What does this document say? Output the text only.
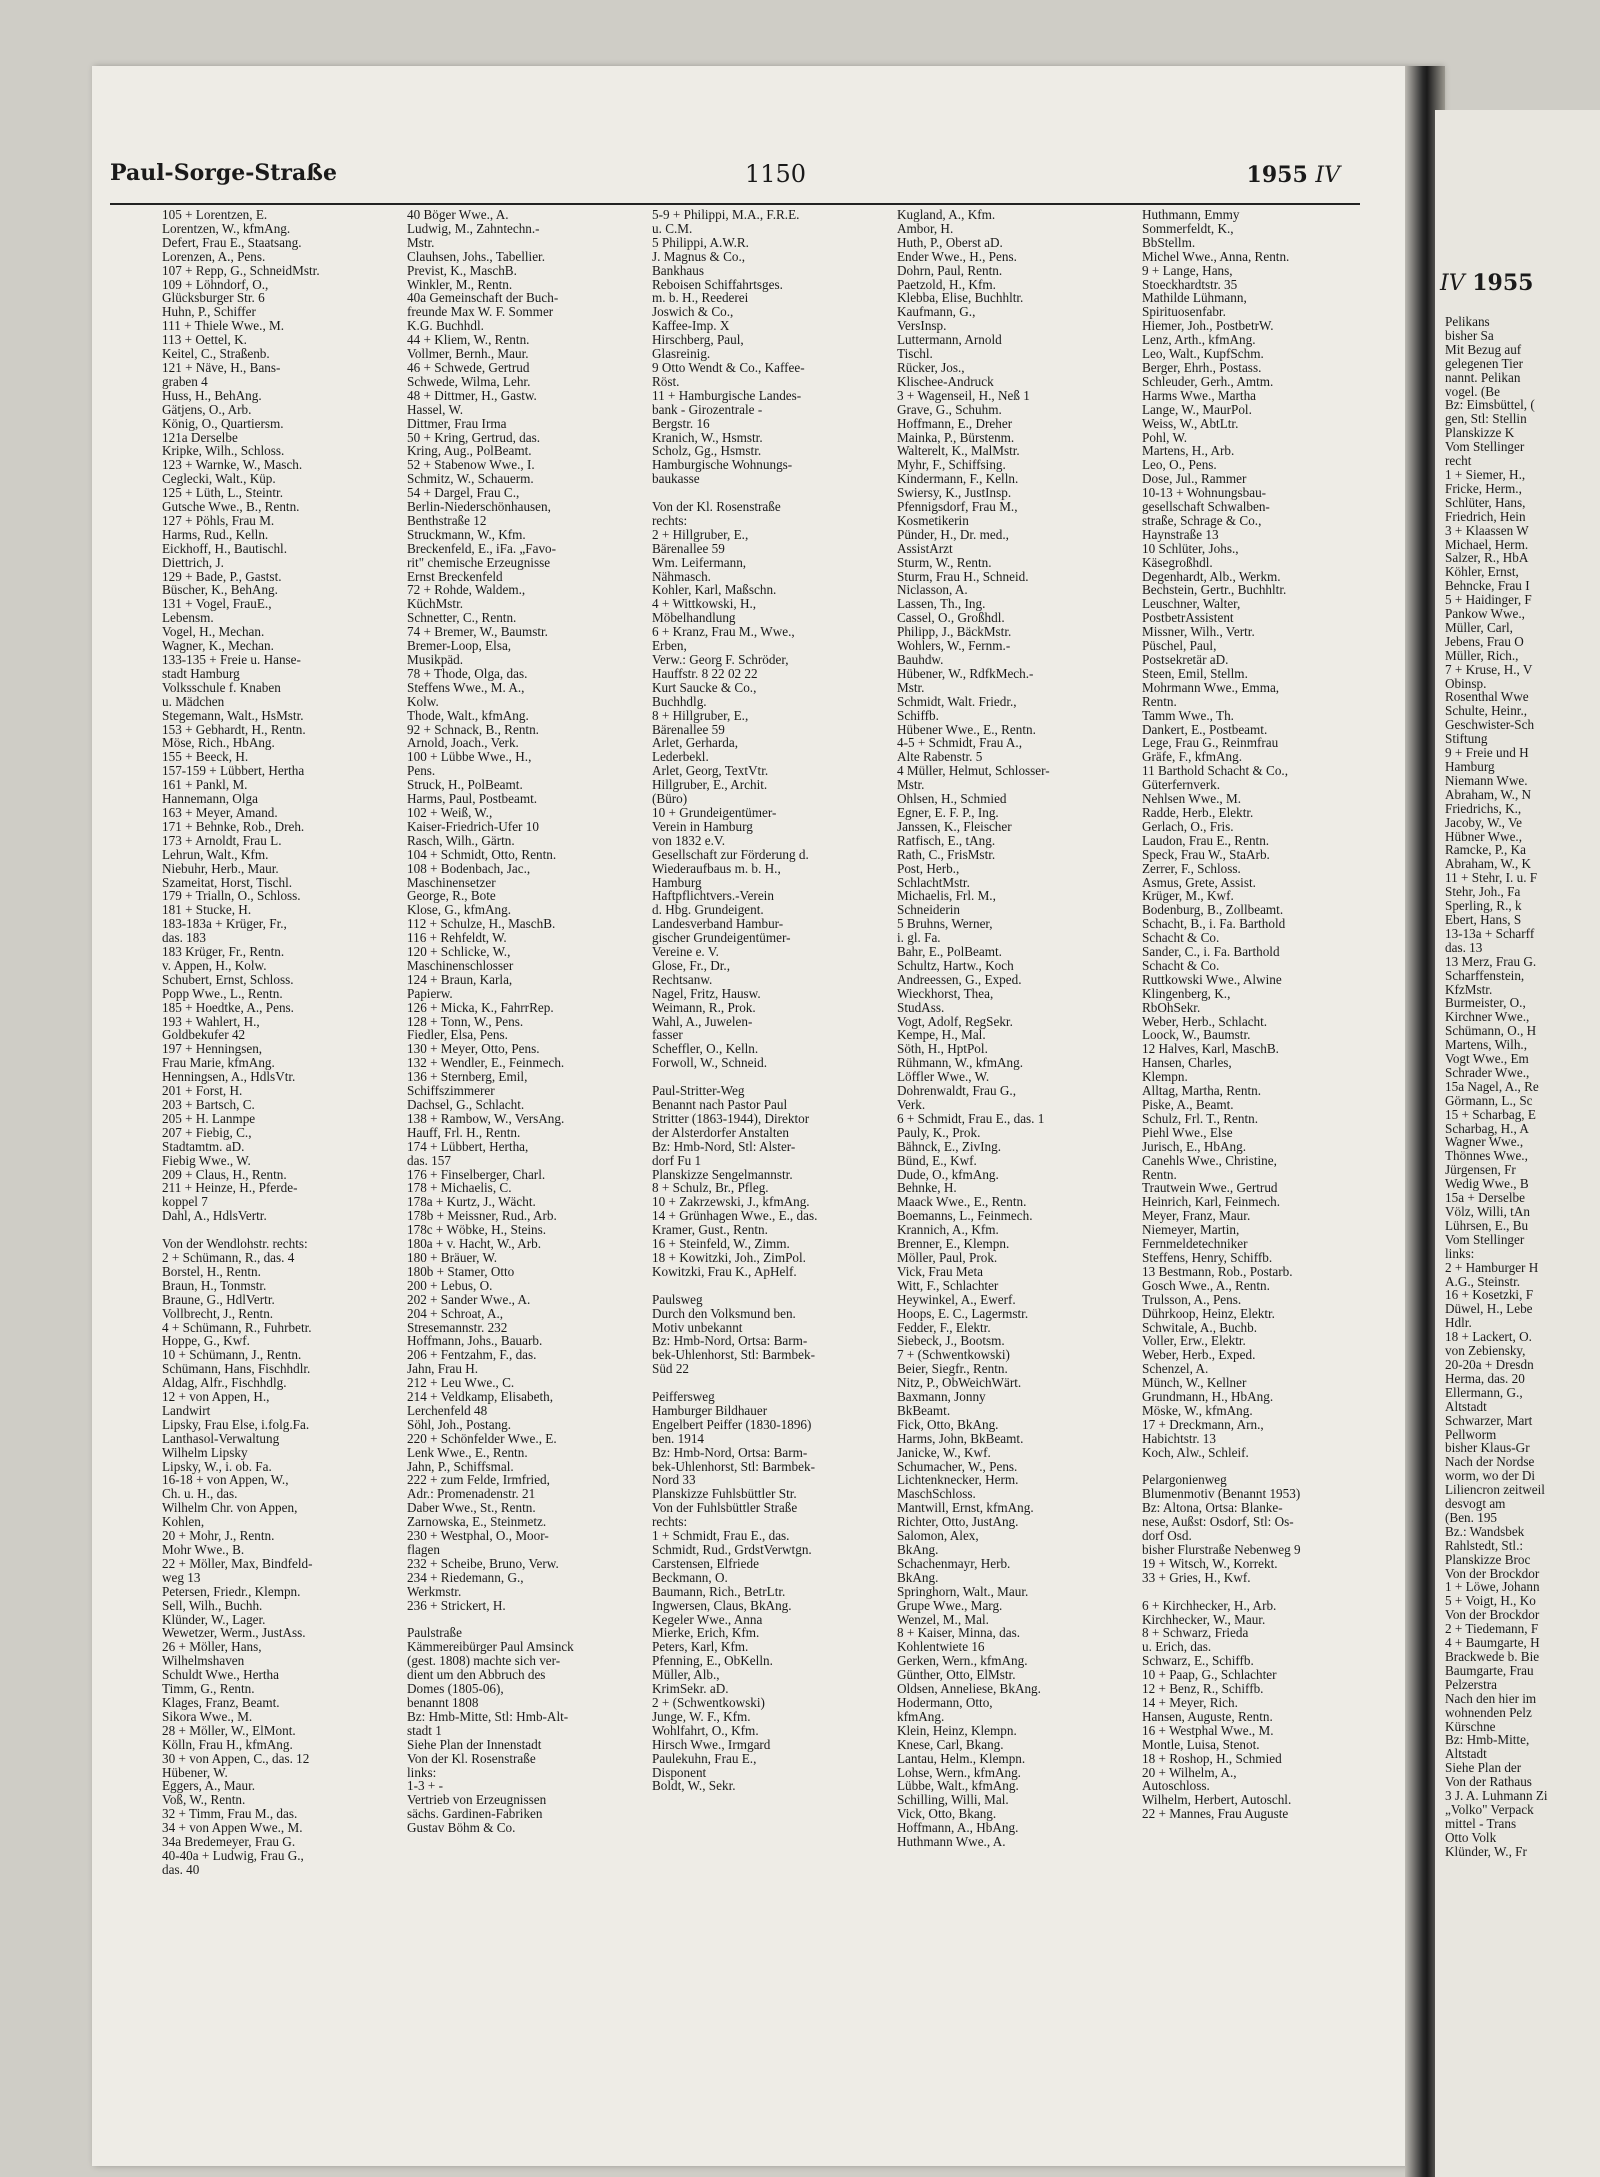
IV 1955
Pelikans
bisher Sa
Mit Bezug auf
gelegenen Tier
nannt. Pelikan
vogel. (Be
Bz: Eimsbüttel, (
gen, Stl: Stellin
Planskizze K
Vom Stellinger
recht
1 + Siemer, H.,
Fricke, Herm.,
Schlüter, Hans,
Friedrich, Hein
3 + Klaassen W
Michael, Herm.
Salzer, R., HbA
Köhler, Ernst,
Behncke, Frau I
5 + Haidinger, F
Pankow Wwe.,
Müller, Carl,
Jebens, Frau O
Müller, Rich.,
7 + Kruse, H., V
Obinsp.
Rosenthal Wwe
Schulte, Heinr.,
Geschwister-Sch
Stiftung
9 + Freie und H
Hamburg
Niemann Wwe.
Abraham, W., N
Friedrichs, K.,
Jacoby, W., Ve
Hübner Wwe.,
Ramcke, P., Ka
Abraham, W., K
11 + Stehr, I. u. F
Stehr, Joh., Fa
Sperling, R., k
Ebert, Hans, S
13-13a + Scharff
das. 13
13 Merz, Frau G.
Scharffenstein,
KfzMstr.
Burmeister, O.,
Kirchner Wwe.,
Schümann, O., H
Martens, Wilh.,
Vogt Wwe., Em
Schrader Wwe.,
15a Nagel, A., Re
Görmann, L., Sc
15 + Scharbag, E
Scharbag, H., A
Wagner Wwe.,
Thönnes Wwe.,
Jürgensen, Fr
Wedig Wwe., B
15a + Derselbe
Völz, Willi, tAn
Lührsen, E., Bu
Vom Stellinger
links:
2 + Hamburger H
A.G., Steinstr.
16 + Kosetzki, F
Düwel, H., Lebe
Hdlr.
18 + Lackert, O.
von Zebiensky,
20-20a + Dresdn
Herma, das. 20
Ellermann, G.,
Altstadt
Schwarzer, Mart
Pellworm
bisher Klaus-Gr
Nach der Nordse
worm, wo der Di
Liliencron zeitweil
desvogt am
(Ben. 195
Bz.: Wandsbek
Rahlstedt, Stl.:
Planskizze Broc
Von der Brockdor
1 + Löwe, Johann
5 + Voigt, H., Ko
Von der Brockdor
2 + Tiedemann, F
4 + Baumgarte, H
Brackwede b. Bie
Baumgarte, Frau
Pelzerstra
Nach den hier im
wohnenden Pelz
Kürschne
Bz: Hmb-Mitte,
Altstadt
Siehe Plan der
Von der Rathaus
3 J. A. Luhmann Zi
„Volko" Verpack
mittel - Trans
Otto Volk
Klünder, W., Fr
Paul-Sorge-Straße	1150	1955 IV
105 + Lorentzen, E.
Lorentzen, W., kfmAng.
Defert, Frau E., Staatsang.
Lorenzen, A., Pens.
107 + Repp, G., SchneidMstr.
109 + Löhndorf, O.,
Glücksburger Str. 6
Huhn, P., Schiffer
111 + Thiele Wwe., M.
113 + Oettel, K.
Keitel, C., Straßenb.
121 + Näve, H., Bans-
graben 4
Huss, H., BehAng.
Gätjens, O., Arb.
König, O., Quartiersm.
121a Derselbe
Kripke, Wilh., Schloss.
123 + Warnke, W., Masch.
Ceglecki, Walt., Küp.
125 + Lüth, L., Steintr.
Gutsche Wwe., B., Rentn.
127 + Pöhls, Frau M.
Harms, Rud., Kelln.
Eickhoff, H., Bautischl.
Diettrich, J.
129 + Bade, P., Gastst.
Büscher, K., BehAng.
131 + Vogel, FrauE.,
Lebensm.
Vogel, H., Mechan.
Wagner, K., Mechan.
133-135 + Freie u. Hanse-
stadt Hamburg
Volksschule f. Knaben
u. Mädchen
Stegemann, Walt., HsMstr.
153 + Gebhardt, H., Rentn.
Möse, Rich., HbAng.
155 + Beeck, H.
157-159 + Lübbert, Hertha
161 + Pankl, M.
Hannemann, Olga
163 + Meyer, Amand.
171 + Behnke, Rob., Dreh.
173 + Arnoldt, Frau L.
Lehrun, Walt., Kfm.
Niebuhr, Herb., Maur.
Szameitat, Horst, Tischl.
179 + Trialln, O., Schloss.
181 + Stucke, H.
183-183a + Krüger, Fr.,
das. 183
183 Krüger, Fr., Rentn.
v. Appen, H., Kolw.
Schubert, Ernst, Schloss.
Popp Wwe., L., Rentn.
185 + Hoedtke, A., Pens.
193 + Wahlert, H.,
Goldbekufer 42
197 + Henningsen,
Frau Marie, kfmAng.
Henningsen, A., HdlsVtr.
201 + Forst, H.
203 + Bartsch, C.
205 + H. Lanmpe
207 + Fiebig, C.,
Stadtamtm. aD.
Fiebig Wwe., W.
209 + Claus, H., Rentn.
211 + Heinze, H., Pferde-
koppel 7
Dahl, A., HdlsVertr.

Von der Wendlohstr. rechts:
2 + Schümann, R., das. 4
Borstel, H., Rentn.
Braun, H., Tonmstr.
Braune, G., HdlVertr.
Vollbrecht, J., Rentn.
4 + Schümann, R., Fuhrbetr.
Hoppe, G., Kwf.
10 + Schümann, J., Rentn.
Schümann, Hans, Fischhdlr.
Aldag, Alfr., Fischhdlg.
12 + von Appen, H.,
Landwirt
Lipsky, Frau Else, i.folg.Fa.
Lanthasol-Verwaltung
Wilhelm Lipsky
Lipsky, W., i. ob. Fa.
16-18 + von Appen, W.,
Ch. u. H., das.
Wilhelm Chr. von Appen,
Kohlen,
20 + Mohr, J., Rentn.
Mohr Wwe., B.
22 + Möller, Max, Bindfeld-
weg 13
Petersen, Friedr., Klempn.
Sell, Wilh., Buchh.
Klünder, W., Lager.
Wewetzer, Werm., JustAss.
26 + Möller, Hans,
Wilhelmshaven
Schuldt Wwe., Hertha
Timm, G., Rentn.
Klages, Franz, Beamt.
Sikora Wwe., M.
28 + Möller, W., ElMont.
Kölln, Frau H., kfmAng.
30 + von Appen, C., das. 12
Hübener, W.
Eggers, A., Maur.
Voß, W., Rentn.
32 + Timm, Frau M., das.
34 + von Appen Wwe., M.
34a Bredemeyer, Frau G.
40-40a + Ludwig, Frau G.,
das. 40
40 Böger Wwe., A.
Ludwig, M., Zahntechn.-
Mstr.
Clauhsen, Johs., Tabellier.
Previst, K., MaschB.
Winkler, M., Rentn.
40a Gemeinschaft der Buch-
freunde Max W. F. Sommer
K.G. Buchhdl.
44 + Kliem, W., Rentn.
Vollmer, Bernh., Maur.
46 + Schwede, Gertrud
Schwede, Wilma, Lehr.
48 + Dittmer, H., Gastw.
Hassel, W.
Dittmer, Frau Irma
50 + Kring, Gertrud, das.
Kring, Aug., PolBeamt.
52 + Stabenow Wwe., I.
Schmitz, W., Schauerm.
54 + Dargel, Frau C.,
Berlin-Niederschönhausen,
Benthstraße 12
Struckmann, W., Kfm.
Breckenfeld, E., iFa. „Favo-
rit" chemische Erzeugnisse
Ernst Breckenfeld
72 + Rohde, Waldem.,
KüchMstr.
Schnetter, C., Rentn.
74 + Bremer, W., Baumstr.
Bremer-Loop, Elsa,
Musikpäd.
78 + Thode, Olga, das.
Steffens Wwe., M. A.,
Kolw.
Thode, Walt., kfmAng.
92 + Schnack, B., Rentn.
Arnold, Joach., Verk.
100 + Lübbe Wwe., H.,
Pens.
Struck, H., PolBeamt.
Harms, Paul, Postbeamt.
102 + Weiß, W.,
Kaiser-Friedrich-Ufer 10
Rasch, Wilh., Gärtn.
104 + Schmidt, Otto, Rentn.
108 + Bodenbach, Jac.,
Maschinensetzer
George, R., Bote
Klose, G., kfmAng.
112 + Schulze, H., MaschB.
116 + Rehfeldt, W.
120 + Schlicke, W.,
Maschinenschlosser
124 + Braun, Karla,
Papierw.
126 + Micka, K., FahrrRep.
128 + Tonn, W., Pens.
Fiedler, Elsa, Pens.
130 + Meyer, Otto, Pens.
132 + Wendler, E., Feinmech.
136 + Sternberg, Emil,
Schiffszimmerer
Dachsel, G., Schlacht.
138 + Rambow, W., VersAng.
Hauff, Frl. H., Rentn.
174 + Lübbert, Hertha,
das. 157
176 + Finselberger, Charl.
178 + Michaelis, C.
178a + Kurtz, J., Wächt.
178b + Meissner, Rud., Arb.
178c + Wöbke, H., Steins.
180a + v. Hacht, W., Arb.
180 + Bräuer, W.
180b + Stamer, Otto
200 + Lebus, O.
202 + Sander Wwe., A.
204 + Schroat, A.,
Stresemannstr. 232
Hoffmann, Johs., Bauarb.
206 + Fentzahm, F., das.
Jahn, Frau H.
212 + Leu Wwe., C.
214 + Veldkamp, Elisabeth,
Lerchenfeld 48
Söhl, Joh., Postang.
220 + Schönfelder Wwe., E.
Lenk Wwe., E., Rentn.
Jahn, P., Schiffsmal.
222 + zum Felde, Irmfried,
Adr.: Promenadenstr. 21
Daber Wwe., St., Rentn.
Zarnowska, E., Steinmetz.
230 + Westphal, O., Moor-
flagen
232 + Scheibe, Bruno, Verw.
234 + Riedemann, G.,
Werkmstr.
236 + Strickert, H.

Paulstraße
Kämmereibürger Paul Amsinck
(gest. 1808) machte sich ver-
dient um den Abbruch des
Domes (1805-06),
benannt 1808
Bz: Hmb-Mitte, Stl: Hmb-Alt-
stadt 1
Siehe Plan der Innenstadt
Von der Kl. Rosenstraße
links:
1-3 + -
Vertrieb von Erzeugnissen
sächs. Gardinen-Fabriken
Gustav Böhm & Co.
5-9 + Philippi, M.A., F.R.E.
u. C.M.
5 Philippi, A.W.R.
J. Magnus & Co.,
Bankhaus
Reboisen Schiffahrtsges.
m. b. H., Reederei
Joswich & Co.,
Kaffee-Imp. X
Hirschberg, Paul,
Glasreinig.
9 Otto Wendt & Co., Kaffee-
Röst.
11 + Hamburgische Landes-
bank - Girozentrale -
Bergstr. 16
Kranich, W., Hsmstr.
Scholz, Gg., Hsmstr.
Hamburgische Wohnungs-
baukasse

Von der Kl. Rosenstraße
rechts:
2 + Hillgruber, E.,
Bärenallee 59
Wm. Leifermann,
Nähmasch.
Kohler, Karl, Maßschn.
4 + Wittkowski, H.,
Möbelhandlung
6 + Kranz, Frau M., Wwe.,
Erben,
Verw.: Georg F. Schröder,
Hauffstr. 8 22 02 22
Kurt Saucke & Co.,
Buchhdlg.
8 + Hillgruber, E.,
Bärenallee 59
Arlet, Gerharda,
Lederbekl.
Arlet, Georg, TextVtr.
Hillgruber, E., Archit.
(Büro)
10 + Grundeigentümer-
Verein in Hamburg
von 1832 e.V.
Gesellschaft zur Förderung d.
Wiederaufbaus m. b. H.,
Hamburg
Haftpflichtvers.-Verein
d. Hbg. Grundeigent.
Landesverband Hambur-
gischer Grundeigentümer-
Vereine e. V.
Glose, Fr., Dr.,
Rechtsanw.
Nagel, Fritz, Hausw.
Weimann, R., Prok.
Wahl, A., Juwelen-
fasser
Scheffler, O., Kelln.
Forwoll, W., Schneid.

Paul-Stritter-Weg
Benannt nach Pastor Paul
Stritter (1863-1944), Direktor
der Alsterdorfer Anstalten
Bz: Hmb-Nord, Stl: Alster-
dorf Fu 1
Planskizze Sengelmannstr.
8 + Schulz, Br., Pfleg.
10 + Zakrzewski, J., kfmAng.
14 + Grünhagen Wwe., E., das.
Kramer, Gust., Rentn.
16 + Steinfeld, W., Zimm.
18 + Kowitzki, Joh., ZimPol.
Kowitzki, Frau K., ApHelf.

Paulsweg
Durch den Volksmund ben.
Motiv unbekannt
Bz: Hmb-Nord, Ortsa: Barm-
bek-Uhlenhorst, Stl: Barmbek-
Süd 22

Peiffersweg
Hamburger Bildhauer
Engelbert Peiffer (1830-1896)
ben. 1914
Bz: Hmb-Nord, Ortsa: Barm-
bek-Uhlenhorst, Stl: Barmbek-
Nord 33
Planskizze Fuhlsbüttler Str.
Von der Fuhlsbüttler Straße
rechts:
1 + Schmidt, Frau E., das.
Schmidt, Rud., GrdstVerwtgn.
Carstensen, Elfriede
Beckmann, O.
Baumann, Rich., BetrLtr.
Ingwersen, Claus, BkAng.
Kegeler Wwe., Anna
Mierke, Erich, Kfm.
Peters, Karl, Kfm.
Pfenning, E., ObKelln.
Müller, Alb.,
KrimSekr. aD.
2 + (Schwentkowski)
Junge, W. F., Kfm.
Wohlfahrt, O., Kfm.
Hirsch Wwe., Irmgard
Paulekuhn, Frau E.,
Disponent
Boldt, W., Sekr.
Kugland, A., Kfm.
Ambor, H.
Huth, P., Oberst aD.
Ender Wwe., H., Pens.
Dohrn, Paul, Rentn.
Paetzold, H., Kfm.
Klebba, Elise, Buchhltr.
Kaufmann, G.,
VersInsp.
Luttermann, Arnold
Tischl.
Rücker, Jos.,
Klischee-Andruck
3 + Wagenseil, H., Neß 1
Grave, G., Schuhm.
Hoffmann, E., Dreher
Mainka, P., Bürstenm.
Walterelt, K., MalMstr.
Myhr, F., Schiffsing.
Kindermann, F., Kelln.
Swiersy, K., JustInsp.
Pfennigsdorf, Frau M.,
Kosmetikerin
Pünder, H., Dr. med.,
AssistArzt
Sturm, W., Rentn.
Sturm, Frau H., Schneid.
Niclasson, A.
Lassen, Th., Ing.
Cassel, O., Großhdl.
Philipp, J., BäckMstr.
Wohlers, W., Fernm.-
Bauhdw.
Hübener, W., RdfkMech.-
Mstr.
Schmidt, Walt. Friedr.,
Schiffb.
Hübener Wwe., E., Rentn.
4-5 + Schmidt, Frau A.,
Alte Rabenstr. 5
4 Müller, Helmut, Schlosser-
Mstr.
Ohlsen, H., Schmied
Egner, E. F. P., Ing.
Janssen, K., Fleischer
Ratfisch, E., tAng.
Rath, C., FrisMstr.
Post, Herb.,
SchlachtMstr.
Michaelis, Frl. M.,
Schneiderin
5 Bruhns, Werner,
i. gl. Fa.
Bahr, E., PolBeamt.
Schultz, Hartw., Koch
Andreessen, G., Exped.
Wieckhorst, Thea,
StudAss.
Vogt, Adolf, RegSekr.
Kempe, H., Mal.
Söth, H., HptPol.
Rühmann, W., kfmAng.
Löffler Wwe., W.
Dohrenwaldt, Frau G.,
Verk.
6 + Schmidt, Frau E., das. 1
Pauly, K., Prok.
Bähnck, E., ZivIng.
Bünd, E., Kwf.
Dude, O., kfmAng.
Behnke, H.
Maack Wwe., E., Rentn.
Boemanns, L., Feinmech.
Krannich, A., Kfm.
Brenner, E., Klempn.
Möller, Paul, Prok.
Vick, Frau Meta
Witt, F., Schlachter
Heywinkel, A., Ewerf.
Hoops, E. C., Lagermstr.
Fedder, F., Elektr.
Siebeck, J., Bootsm.
7 + (Schwentkowski)
Beier, Siegfr., Rentn.
Nitz, P., ObWeichWärt.
Baxmann, Jonny
BkBeamt.
Fick, Otto, BkAng.
Harms, John, BkBeamt.
Janicke, W., Kwf.
Schumacher, W., Pens.
Lichtenknecker, Herm.
MaschSchloss.
Mantwill, Ernst, kfmAng.
Richter, Otto, JustAng.
Salomon, Alex,
BkAng.
Schachenmayr, Herb.
BkAng.
Springhorn, Walt., Maur.
Grupe Wwe., Marg.
Wenzel, M., Mal.
8 + Kaiser, Minna, das.
Kohlentwiete 16
Gerken, Wern., kfmAng.
Günther, Otto, ElMstr.
Oldsen, Anneliese, BkAng.
Hodermann, Otto,
kfmAng.
Klein, Heinz, Klempn.
Knese, Carl, Bkang.
Lantau, Helm., Klempn.
Lohse, Wern., kfmAng.
Lübbe, Walt., kfmAng.
Schilling, Willi, Mal.
Vick, Otto, Bkang.
Hoffmann, A., HbAng.
Huthmann Wwe., A.
Huthmann, Emmy
Sommerfeldt, K.,
BbStellm.
Michel Wwe., Anna, Rentn.
9 + Lange, Hans,
Stoeckhardtstr. 35
Mathilde Lühmann,
Spirituosenfabr.
Hiemer, Joh., PostbetrW.
Lenz, Arth., kfmAng.
Leo, Walt., KupfSchm.
Berger, Ehrh., Postass.
Schleuder, Gerh., Amtm.
Harms Wwe., Martha
Lange, W., MaurPol.
Weiss, W., AbtLtr.
Pohl, W.
Martens, H., Arb.
Leo, O., Pens.
Dose, Jul., Rammer
10-13 + Wohnungsbau-
gesellschaft Schwalben-
straße, Schrage & Co.,
Haynstraße 13
10 Schlüter, Johs.,
Käsegroßhdl.
Degenhardt, Alb., Werkm.
Bechstein, Gertr., Buchhltr.
Leuschner, Walter,
PostbetrAssistent
Missner, Wilh., Vertr.
Püschel, Paul,
Postsekretär aD.
Steen, Emil, Stellm.
Mohrmann Wwe., Emma,
Rentn.
Tamm Wwe., Th.
Dankert, E., Postbeamt.
Lege, Frau G., Reinmfrau
Gräfe, F., kfmAng.
11 Barthold Schacht & Co.,
Güterfernverk.
Nehlsen Wwe., M.
Radde, Herb., Elektr.
Gerlach, O., Fris.
Laudon, Frau E., Rentn.
Speck, Frau W., StaArb.
Zerrer, F., Schloss.
Asmus, Grete, Assist.
Krüger, M., Kwf.
Bodenburg, B., Zollbeamt.
Schacht, B., i. Fa. Barthold
Schacht & Co.
Sander, C., i. Fa. Barthold
Schacht & Co.
Ruttkowski Wwe., Alwine
Klingenberg, K.,
RbOhSekr.
Weber, Herb., Schlacht.
Loock, W., Baumstr.
12 Halves, Karl, MaschB.
Hansen, Charles,
Klempn.
Alltag, Martha, Rentn.
Piske, A., Beamt.
Schulz, Frl. T., Rentn.
Piehl Wwe., Else
Jurisch, E., HbAng.
Canehls Wwe., Christine,
Rentn.
Trautwein Wwe., Gertrud
Heinrich, Karl, Feinmech.
Meyer, Franz, Maur.
Niemeyer, Martin,
Fernmeldetechniker
Steffens, Henry, Schiffb.
13 Bestmann, Rob., Postarb.
Gosch Wwe., A., Rentn.
Trulsson, A., Pens.
Dührkoop, Heinz, Elektr.
Schwitale, A., Buchb.
Voller, Erw., Elektr.
Weber, Herb., Exped.
Schenzel, A.
Münch, W., Kellner
Grundmann, H., HbAng.
Möske, W., kfmAng.
17 + Dreckmann, Arn.,
Habichtstr. 13
Koch, Alw., Schleif.

Pelargonienweg
Blumenmotiv (Benannt 1953)
Bz: Altona, Ortsa: Blanke-
nese, Außst: Osdorf, Stl: Os-
dorf Osd.
bisher Flurstraße Nebenweg 9
19 + Witsch, W., Korrekt.
33 + Gries, H., Kwf.

6 + Kirchhecker, H., Arb.
Kirchhecker, W., Maur.
8 + Schwarz, Frieda
u. Erich, das.
Schwarz, E., Schiffb.
10 + Paap, G., Schlachter
12 + Benz, R., Schiffb.
14 + Meyer, Rich.
Hansen, Auguste, Rentn.
16 + Westphal Wwe., M.
Montle, Luisa, Stenot.
18 + Roshop, H., Schmied
20 + Wilhelm, A.,
Autoschloss.
Wilhelm, Herbert, Autoschl.
22 + Mannes, Frau Auguste
